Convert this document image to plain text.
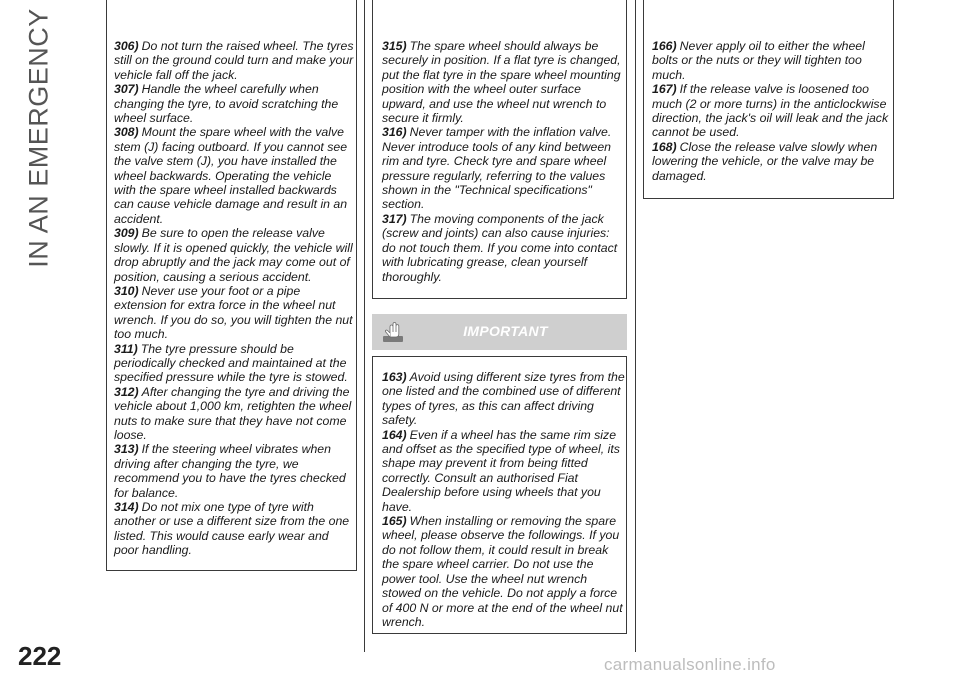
IN AN EMERGENCY	306) Do not turn the raised wheel. The tyres still on the ground could turn and make your vehicle fall off the jack.

307) Handle the wheel carefully when changing the tyre, to avoid scratching the wheel surface.

308) Mount the spare wheel with the valve stem (J) facing outboard. If you cannot see the valve stem (J), you have installed the wheel backwards. Operating the vehicle with the spare wheel installed backwards can cause vehicle damage and result in an accident.

309) Be sure to open the release valve slowly. If it is opened quickly, the vehicle will drop abruptly and the jack may come out of position, causing a serious accident.

310) Never use your foot or a pipe extension for extra force in the wheel nut wrench. If you do so, you will tighten the nut too much.

311) The tyre pressure should be periodically checked and maintained at the specified pressure while the tyre is stowed.

312) After changing the tyre and driving the vehicle about 1,000 km, retighten the wheel nuts to make sure that they have not come loose.

313) If the steering wheel vibrates when driving after changing the tyre, we recommend you to have the tyres checked for balance.

314) Do not mix one type of tyre with another or use a different size from the one listed. This would cause early wear and poor handling.

315) The spare wheel should always be securely in position. If a flat tyre is changed, put the flat tyre in the spare wheel mounting position with the wheel outer surface upward, and use the wheel nut wrench to secure it firmly.

316) Never tamper with the inflation valve. Never introduce tools of any kind between rim and tyre. Check tyre and spare wheel pressure regularly, referring to the values shown in the "Technical specifications" section.

317) The moving components of the jack (screw and joints) can also cause injuries: do not touch them. If you come into contact with lubricating grease, clean yourself thoroughly.

IMPORTANT

163) Avoid using different size tyres from the one listed and the combined use of different types of tyres, as this can affect driving safety.

164) Even if a wheel has the same rim size and offset as the specified type of wheel, its shape may prevent it from being fitted correctly. Consult an authorised Fiat Dealership before using wheels that you have.

165) When installing or removing the spare wheel, please observe the followings. If you do not follow them, it could result in break the spare wheel carrier. Do not use the power tool. Use the wheel nut wrench stowed on the vehicle. Do not apply a force of 400 N or more at the end of the wheel nut wrench.

166) Never apply oil to either the wheel bolts or the nuts or they will tighten too much.

167) If the release valve is loosened too much (2 or more turns) in the anticlockwise direction, the jack's oil will leak and the jack cannot be used.

168) Close the release valve slowly when lowering the vehicle, or the valve may be damaged.

222	carmanualsonline.info
